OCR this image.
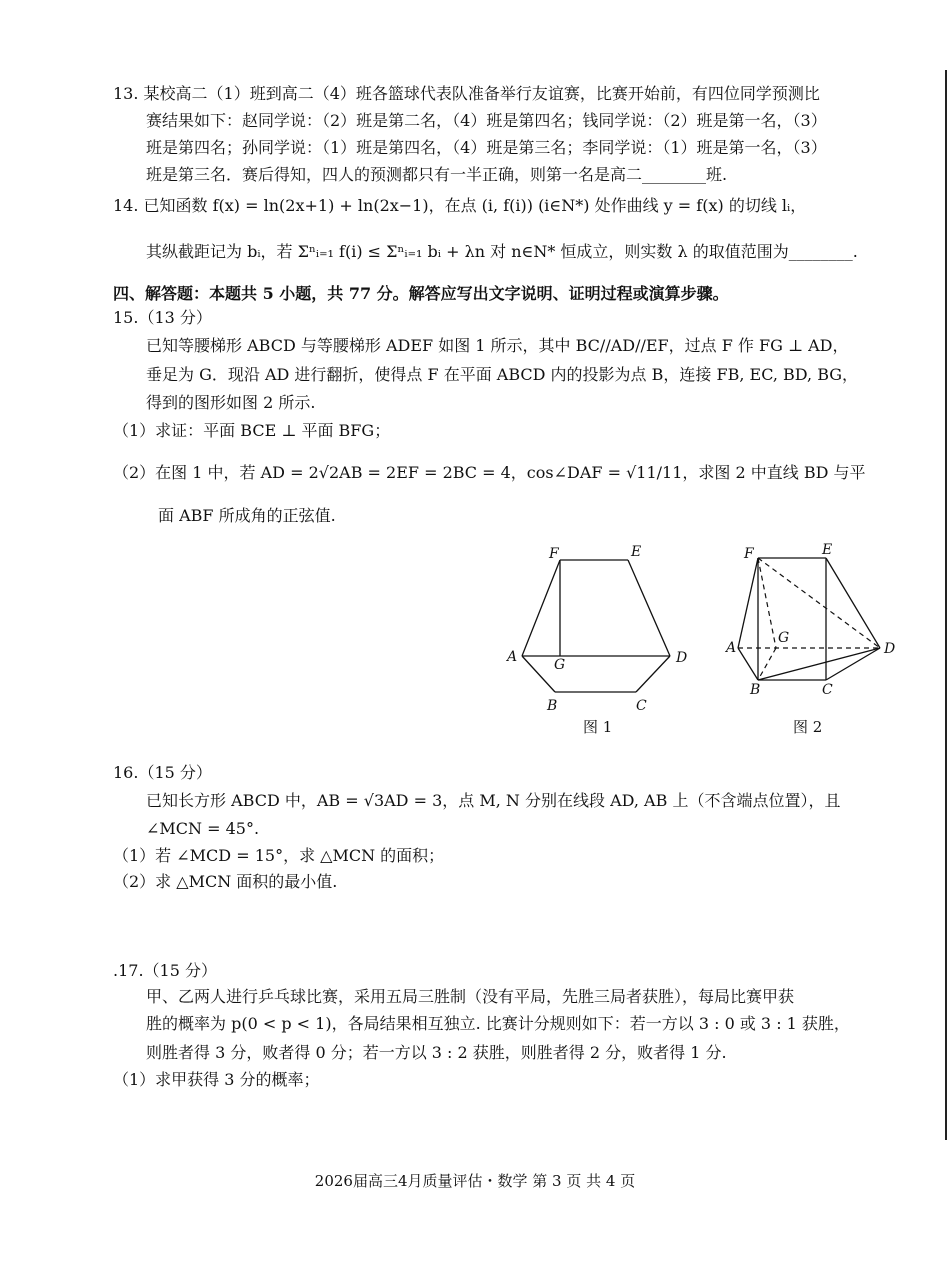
13. 某校高二（1）班到高二（4）班各篮球代表队准备举行友谊赛，比赛开始前，有四位同学预测比
赛结果如下：赵同学说：（2）班是第二名，（4）班是第四名；钱同学说：（2）班是第一名，（3）
班是第四名；孙同学说：（1）班是第四名，（4）班是第三名；李同学说：（1）班是第一名，（3）
班是第三名．赛后得知，四人的预测都只有一半正确，则第一名是高二________班.
14. 已知函数 f(x) = ln(2x+1) + ln(2x−1)，在点 (i, f(i)) (i∈N*) 处作曲线 y = f(x) 的切线 lᵢ，
其纵截距记为 bᵢ，若 Σⁿᵢ₌₁ f(i) ≤ Σⁿᵢ₌₁ bᵢ + λn 对 n∈N* 恒成立，则实数 λ 的取值范围为________.
四、解答题：本题共 5 小题，共 77 分。解答应写出文字说明、证明过程或演算步骤。
15.（13 分）
已知等腰梯形 ABCD 与等腰梯形 ADEF 如图 1 所示，其中 BC//AD//EF，过点 F 作 FG ⊥ AD，
垂足为 G．现沿 AD 进行翻折，使得点 F 在平面 ABCD 内的投影为点 B，连接 FB, EC, BD, BG，
得到的图形如图 2 所示.
（1）求证：平面 BCE ⊥ 平面 BFG；
（2）在图 1 中，若 AD = 2√2AB = 2EF = 2BC = 4，cos∠DAF = √11/11，求图 2 中直线 BD 与平
面 ABF 所成角的正弦值.
F	E
A	G	D
B	C
图 1
F	E
A
G
D
B	C
图 2
16.（15 分）
已知长方形 ABCD 中，AB = √3AD = 3，点 M, N 分别在线段 AD, AB 上（不含端点位置），且
∠MCN = 45°.
（1）若 ∠MCD = 15°，求 △MCN 的面积；
（2）求 △MCN 面积的最小值.
.17.（15 分）
甲、乙两人进行乒乓球比赛，采用五局三胜制（没有平局，先胜三局者获胜），每局比赛甲获
胜的概率为 p(0 < p < 1)，各局结果相互独立. 比赛计分规则如下：若一方以 3 : 0 或 3 : 1 获胜，
则胜者得 3 分，败者得 0 分；若一方以 3 : 2 获胜，则胜者得 2 分，败者得 1 分.
（1）求甲获得 3 分的概率；
2026届高三4月质量评估・数学 第 3 页 共 4 页
